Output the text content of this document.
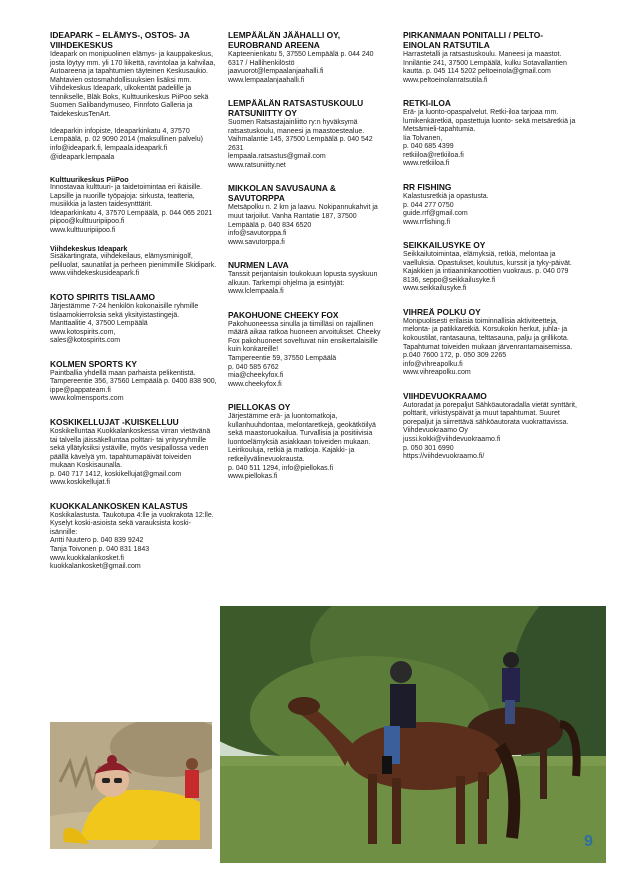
IDEAPARK – ELÄMYS-, OSTOS- JA VIIHDEKESKUS
Ideapark on monipuolinen elämys- ja kauppakeskus, josta löytyy mm. yli 170 liikettä, ravintolaa ja kahvilaa, Autoareena ja tapahtumien täyteinen Keskusaukio. Mahtavien ostosmahdollisuuksien lisäksi mm. Viihdekeskus Ideapark, ulkokentät padelille ja tennikselle, Bläk Boks, Kulttuurikeskus PiiPoo sekä Suomen Salibandymuseo, Finnfoto Galleria ja TaidekeskusTenArt.

Ideaparkin infopiste, Ideaparkinkatu 4, 37570 Lempäälä, p. 02 9090 2014 (maksullinen palvelu) info@ideapark.fi, lempaala.ideapark.fi @ideapark.lempaala
Kulttuurikeskus PiiPoo
Innostavaa kulttuuri- ja taidetoimintaa eri ikäisille. Lapsille ja nuorille työpajoja: sirkusta, teatteria, musiikkia ja lasten taidesyntttärit.
Ideaparkinkatu 4, 37570 Lempäälä, p. 044 065 2021
piipoo@kulttuuripiipoo.fi
www.kulttuuripiipoo.fi
Viihdekeskus Ideapark
Sisäkartingrata, viihdekeilaus, elämysminigolf, peliluolat, saunatilat ja perheen pienimmille Skidipark.
www.viihdekeskusideapark.fi
KOTO SPIRITS TISLAAMO
Järjestämme 7-24 henkilön kokonaisille ryhmille tislaamokierroksia sekä yksityistastingejä.
Manttaalitie 4, 37500 Lempäälä
www.kotospirits.com,
sales@kotospirits.com
KOLMEN SPORTS KY
Paintballia yhdellä maan parhaista pelikentistä. Tampereentie 356, 37560 Lempäälä p. 0400 838 900,
ippe@pappateam.fi
www.kolmensports.com
KOSKIKELLUJAT -KUISKELLUU
Koskikelluntaa Kuokkalankoskessa virran vietävänä tai talvella jäissäkelluntaa polttari- tai yritysryhmille sekä yllätyksiksi ystäville, myös vesipallossa veden päällä kävelyä ym. tapahtumapäivät toiveiden mukaan Koskisaunalla.
p. 040 717 1412, koskikellujat@gmail.com
www.koskikellujat.fi
KUOKKALANKOSKEN KALASTUS
Koskikalastusta. Taukotupa 4:lle ja vuokrakota 12:lle.
Kyselyt koski-asioista sekä varauksista koski-isännille:
Antti Nuutero p. 040 839 9242
Tanja Toivonen p. 040 831 1843
www.kuokkalankosket.fi
kuokkalankosket@gmail.com
LEMPÄÄLÄN JÄÄHALLI OY, EUROBRAND AREENA
Kapteenienkatu 5, 37550 Lempäälä p. 044 240 6317 / Hallihenkilöstö
jaavuorot@lempaalanjaahalli.fi
www.lempaalanjaahalli.fi
LEMPÄÄLÄN RATSASTUSKOULU RATSUNIITTY OY
Suomen Ratsastajainliitto ry:n hyväksymä ratsastuskoulu, maneesi ja maastoestealue. Vaihmalantie 145, 37500 Lempäälä p. 040 542 2631
lempaala.ratsastus@gmail.com
www.ratsuniitty.net
MIKKOLAN SAVUSAUNA & SAVUTORPPA
Metsäpolku n. 2 km ja laavu. Nokipannukahvit ja muut tarjoilut. Vanha Rantatie 187, 37500 Lempäälä p. 040 834 6520
info@savutorppa.fi
www.savutorppa.fi
NURMEN LAVA
Tanssit perjantaisin toukokuun lopusta syyskuun alkuun. Tarkempi ohjelma ja esintyjät:
www.lclempaala.fi
PAKOHUONE CHEEKY FOX
Pakohuoneessa sinulla ja tiimilläsi on rajallinen määrä aikaa ratkoa huoneen arvoitukset. Cheeky Fox pakohuoneet soveltuvat niin ensikertalaisille kuin konkareille!
Tampereentie 59, 37550 Lempäälä
p. 040 585 6762
mia@cheekyfox.fi
www.cheekyfox.fi
PIELLOKAS OY
Järjestämme erä- ja luontomatkoja, kullanhuuhdontaa, melontaretkejä, geokätköilyä sekä maastoruokailua. Turvallisia ja positiivisia luontoelämyksiä asiakkaan toiveiden mukaan.
Leirikouluja, retkiä ja matkoja. Kajakki- ja retkeilyvälinevuokrausta.
p. 040 511 1294, info@piellokas.fi
www.piellokas.fi
PIRKANMAAN PONITALLI / PELTO-EINOLAN RATSUTILA
Harrastetalli ja ratsastuskoulu. Maneesi ja maastot. Inniläntie 241, 37500 Lempäälä, kulku Sotavallantien kautta. p. 045 114 5202 peltoeinola@gmail.com
www.peltoeinolanratsutila.fi
RETKI-ILOA
Erä- ja luonto-opaspalvelut. Retki-iloa tarjoaa mm. lumikenkäretkiä, opastettuja luonto- sekä metsäretkiä ja Metsämieli-tapahtumia.
Iia Tolvanen,
p. 040 685 4399
retkiiloa@retkiiloa.fi
www.retkiiloa.fi
RR FISHING
Kalastusretkiä ja opastusta.
p. 044 277 0750
guide.rrf@gmail.com
www.rrfishing.fi
SEIKKAILUSYKE OY
Seikkailutoimintaa, elämyksiä, retkiä, melontaa ja vaelluksia. Opastukset, koulutus, kurssit ja tyky-päivät. Kajakkien ja intiaaninkanoottien vuokraus. p. 040 079 8136, seppo@seikkailusyke.fi
www.seikkailusyke.fi
VIHREÄ POLKU OY
Monipuolisesti erilaisia toiminnallisia aktiviteetteja, melonta- ja patikkaretkiä. Korsukokin herkut, juhla- ja kokoustilat, rantasauna, telttasauna, palju ja grillikota. Tapahtumat toiveiden mukaan järvenrantamaisemissa.
p.040 7600 172, p. 050 309 2265
info@vihreapolku.fi
www.vihreapolku.com
VIIHDEVUOKRAAMO
Autoradat ja porepaljut Sähköautoradalla vietät synttärit, polttarit, virkistyspäivät ja muut tapahtumat. Suuret porepaljut ja siirrettävä sähköautorata vuokrattavissa.
Viihdevuokraamo Oy
jussi.kokki@viihdevuokraamo.fi
p. 050 301 6990
https://viihdevuokraamo.fi/
9
